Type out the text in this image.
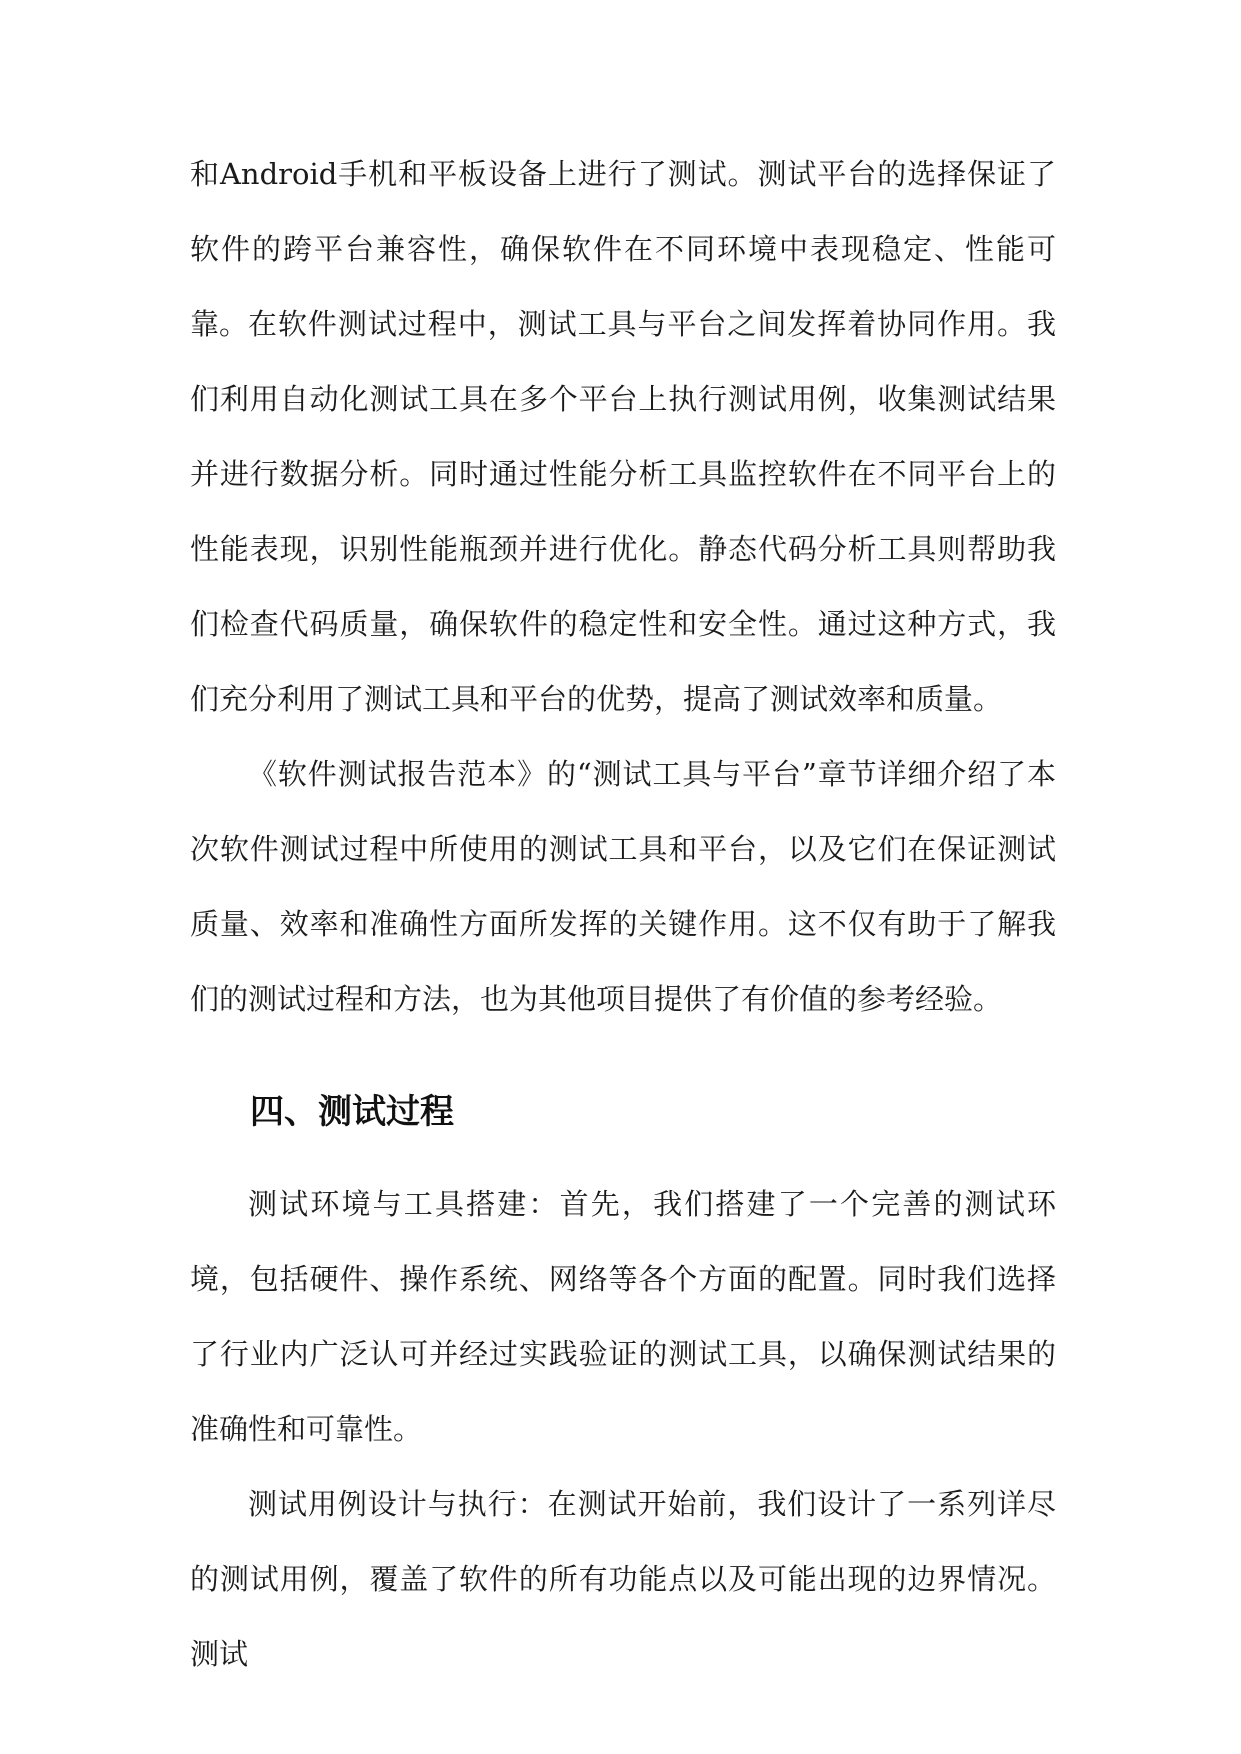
和Android手机和平板设备上进行了测试。测试平台的选择保证了软件的跨平台兼容性，确保软件在不同环境中表现稳定、性能可靠。 在软件测试过程中，测试工具与平台之间发挥着协同作用。我们利用自动化测试工具在多个平台上执行测试用例，收集测试结果并进行数据分析。同时通过性能分析工具监控软件在不同平台上的性能表现，识别性能瓶颈并进行优化。静态代码分析工具则帮助我们检查代码质量，确保软件的稳定性和安全性。通过这种方式，我们充分利用了测试工具和平台的优势，提高了测试效率和质量。

《软件测试报告范本》的“测试工具与平台”章节详细介绍了本次软件测试过程中所使用的测试工具和平台，以及它们在保证测试质量、效率和准确性方面所发挥的关键作用。这不仅有助于了解我们的测试过程和方法，也为其他项目提供了有价值的参考经验。

四、测试过程

测试环境与工具搭建：首先，我们搭建了一个完善的测试环境，包括硬件、操作系统、网络等各个方面的配置。同时我们选择了行业内广泛认可并经过实践验证的测试工具，以确保测试结果的准确性和可靠性。

测试用例设计与执行：在测试开始前，我们设计了一系列详尽的测试用例，覆盖了软件的所有功能点以及可能出现的边界情况。测试
